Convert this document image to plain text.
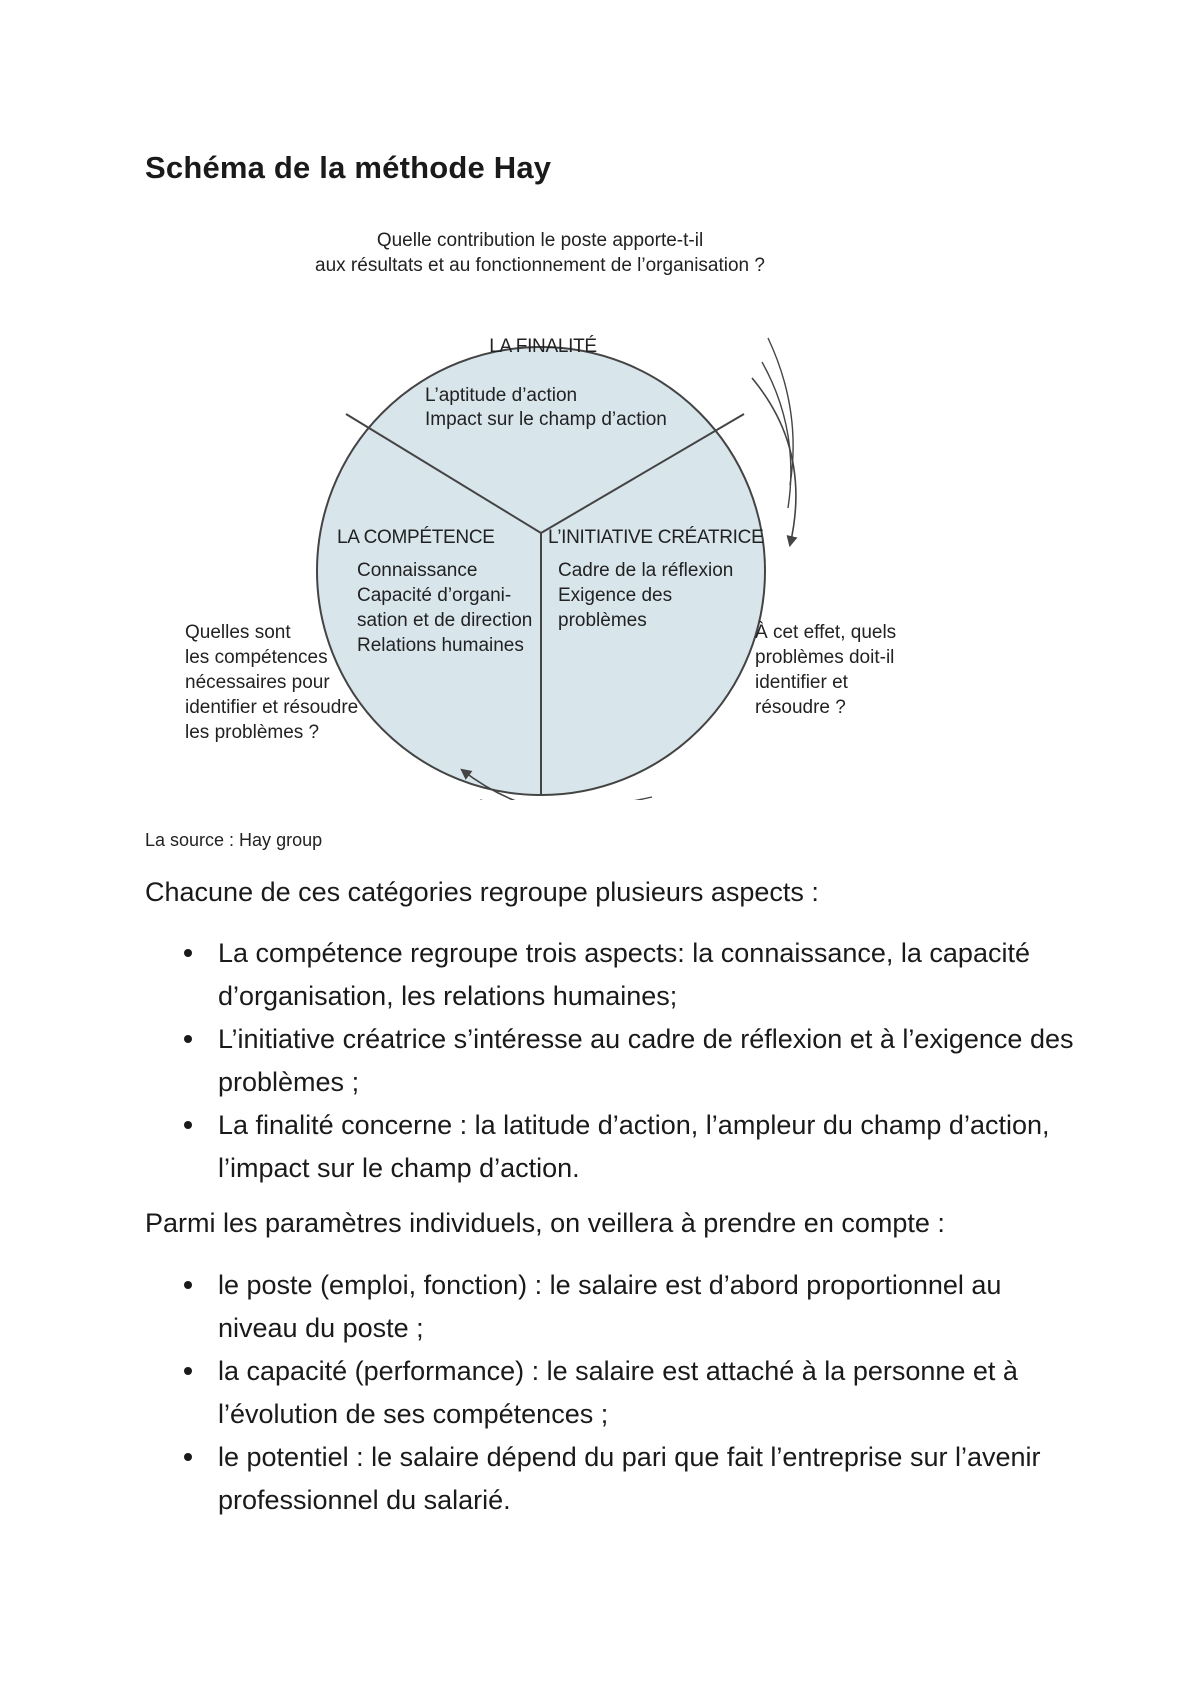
Schéma de la méthode Hay
Quelle contribution le poste apporte-t-il
aux résultats et au fonctionnement de l’organisation ?
LA FINALITÉ
L’aptitude d’action
Impact sur le champ d’action
LA COMPÉTENCE
Connaissance
Capacité d’organi-
sation et de direction
Relations humaines
L’INITIATIVE CRÉATRICE
Cadre de la réflexion
Exigence des
problèmes
Quelles sont
les compétences
nécessaires pour
identifier et résoudre
les problèmes ?
À cet effet, quels
problèmes doit-il
identifier et
résoudre ?
La source : Hay group

Chacune de ces catégories regroupe plusieurs aspects :

La compétence regroupe trois aspects: la connaissance, la capacité d’organisation, les relations humaines;
L’initiative créatrice s’intéresse au cadre de réflexion et à l’exigence des problèmes ;
La finalité concerne : la latitude d’action, l’ampleur du champ d’action, l’impact sur le champ d’action.

Parmi les paramètres individuels, on veillera à prendre en compte :

le poste (emploi, fonction) : le salaire est d’abord proportionnel au niveau du poste ;
la capacité (performance) : le salaire est attaché à la personne et à l’évolution de ses compétences ;
le potentiel : le salaire dépend du pari que fait l’entreprise sur l’avenir professionnel du salarié.
